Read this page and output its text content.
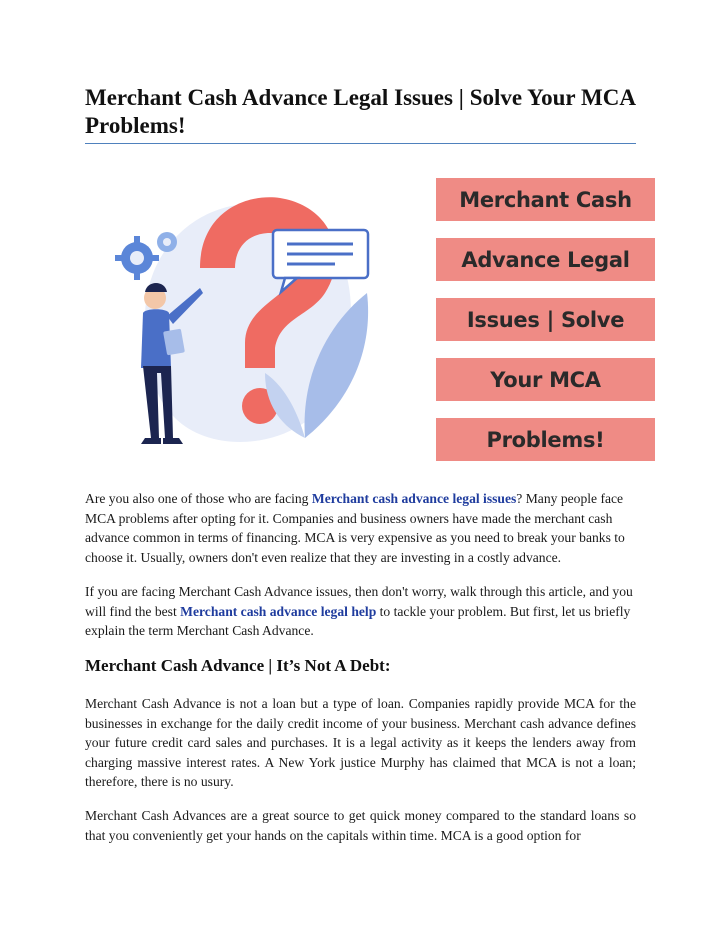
Merchant Cash Advance Legal Issues | Solve Your MCA Problems!
Merchant Cash
Advance Legal
Issues | Solve
Your MCA
Problems!

Are you also one of those who are facing Merchant cash advance legal issues? Many people face MCA problems after opting for it. Companies and business owners have made the merchant cash advance common in terms of financing. MCA is very expensive as you need to break your banks to choose it. Usually, owners don't even realize that they are investing in a costly advance.

If you are facing Merchant Cash Advance issues, then don't worry, walk through this article, and you will find the best Merchant cash advance legal help to tackle your problem. But first, let us briefly explain the term Merchant Cash Advance.

Merchant Cash Advance | It’s Not A Debt:

Merchant Cash Advance is not a loan but a type of loan. Companies rapidly provide MCA for the businesses in exchange for the daily credit income of your business. Merchant cash advance defines your future credit card sales and purchases. It is a legal activity as it keeps the lenders away from charging massive interest rates. A New York justice Murphy has claimed that MCA is not a loan; therefore, there is no usury.

Merchant Cash Advances are a great source to get quick money compared to the standard loans so that you conveniently get your hands on the capitals within time. MCA is a good option for
